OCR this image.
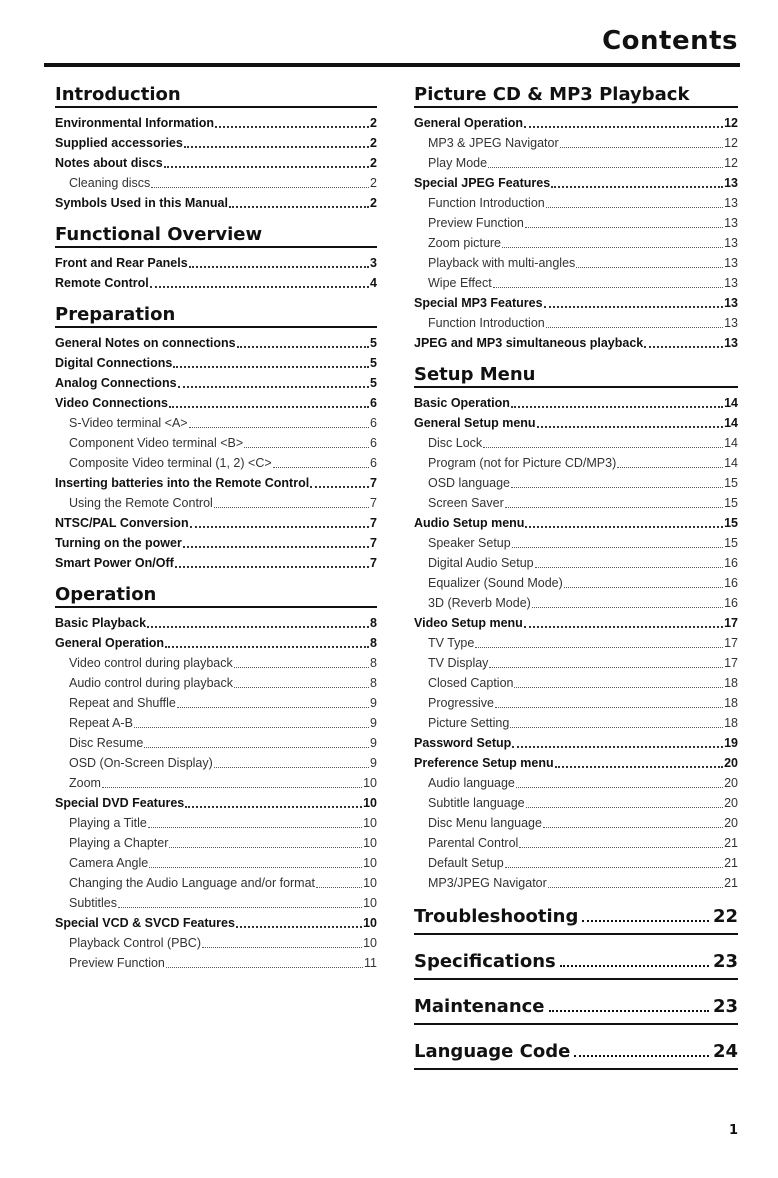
Contents
Introduction
Environmental Information	2
Supplied accessories	2
Notes about discs	2
Cleaning discs	2
Symbols Used in this Manual	2
Functional Overview
Front and Rear Panels	3
Remote Control	4
Preparation
General Notes on connections	5
Digital Connections	5
Analog Connections	5
Video Connections	6
S-Video terminal <A>	6
Component Video terminal <B>	6
Composite Video terminal (1, 2) <C>	6
Inserting batteries into the Remote Control	7
Using the Remote Control	7
NTSC/PAL Conversion	7
Turning on the power	7
Smart Power On/Off	7
Operation
Basic Playback	8
General Operation	8
Video control during playback	8
Audio control during playback	8
Repeat and Shuffle	9
Repeat A-B	9
Disc Resume	9
OSD (On-Screen Display)	9
Zoom	10
Special DVD Features	10
Playing a Title	10
Playing a Chapter	10
Camera Angle	10
Changing the Audio Language and/or format	10
Subtitles	10
Special VCD & SVCD Features	10
Playback Control (PBC)	10
Preview Function	11
Picture CD & MP3 Playback
General Operation	12
MP3 & JPEG Navigator	12
Play Mode	12
Special JPEG Features	13
Function Introduction	13
Preview Function	13
Zoom picture	13
Playback with multi-angles	13
Wipe Effect	13
Special MP3 Features	13
Function Introduction	13
JPEG and MP3 simultaneous playback	13
Setup Menu
Basic Operation	14
General Setup menu	14
Disc Lock	14
Program (not for Picture CD/MP3)	14
OSD language	15
Screen Saver	15
Audio Setup menu	15
Speaker Setup	15
Digital Audio Setup	16
Equalizer (Sound Mode)	16
3D (Reverb Mode)	16
Video Setup menu	17
TV Type	17
TV Display	17
Closed Caption	18
Progressive	18
Picture Setting	18
Password Setup	19
Preference Setup menu	20
Audio language	20
Subtitle language	20
Disc Menu language	20
Parental Control	21
Default Setup	21
MP3/JPEG Navigator	21
Troubleshooting	22
Specifications	23
Maintenance	23
Language Code	24
1
